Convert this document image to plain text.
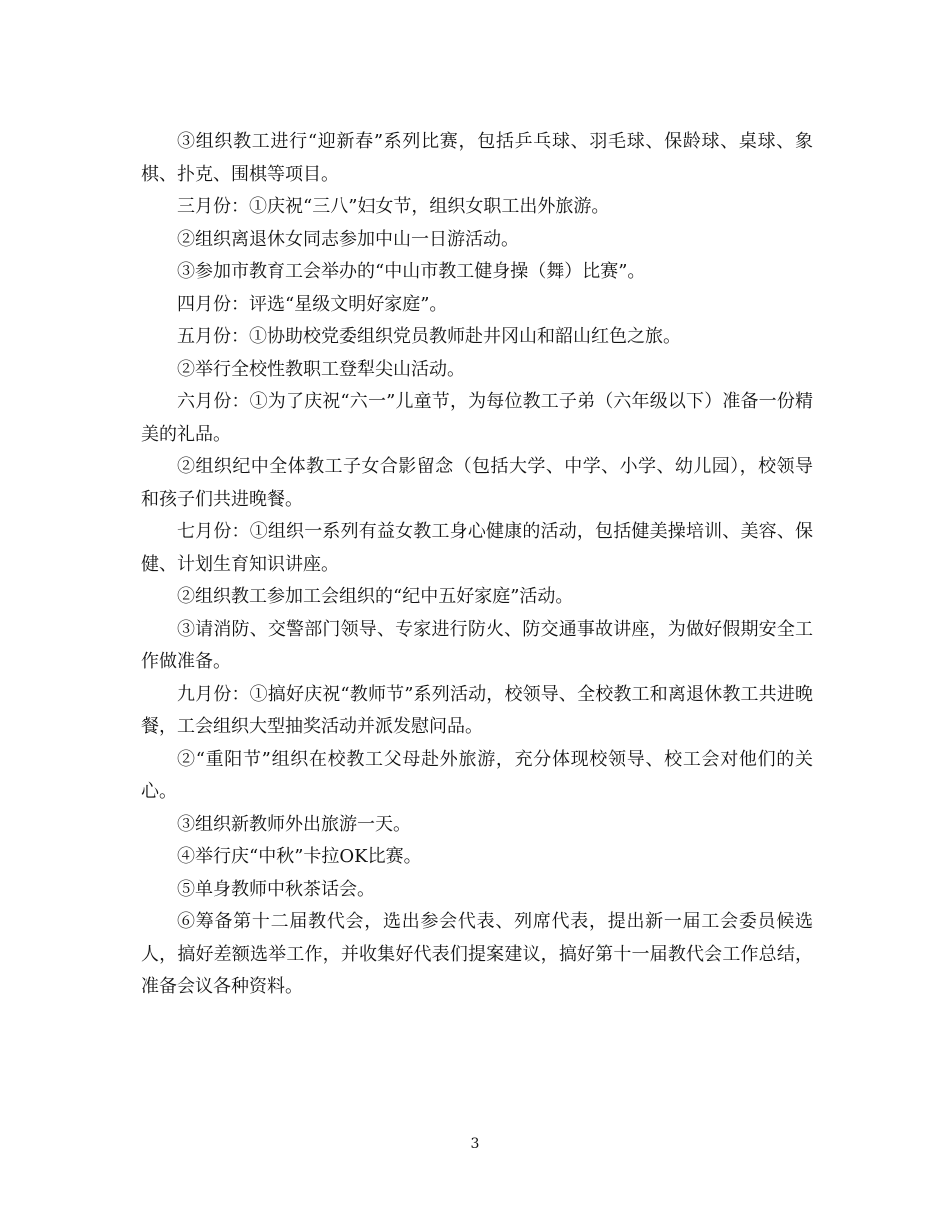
③组织教工进行“迎新春”系列比赛，包括乒乓球、羽毛球、保龄球、桌球、象棋、扑克、围棋等项目。

三月份：①庆祝“三八”妇女节，组织女职工出外旅游。

②组织离退休女同志参加中山一日游活动。

③参加市教育工会举办的“中山市教工健身操（舞）比赛”。

四月份：评选“星级文明好家庭”。

五月份：①协助校党委组织党员教师赴井冈山和韶山红色之旅。

②举行全校性教职工登犁尖山活动。

六月份：①为了庆祝“六一”儿童节，为每位教工子弟（六年级以下）准备一份精美的礼品。

②组织纪中全体教工子女合影留念（包括大学、中学、小学、幼儿园），校领导和孩子们共进晚餐。

七月份：①组织一系列有益女教工身心健康的活动，包括健美操培训、美容、保健、计划生育知识讲座。

②组织教工参加工会组织的“纪中五好家庭”活动。

③请消防、交警部门领导、专家进行防火、防交通事故讲座，为做好假期安全工作做准备。

九月份：①搞好庆祝“教师节”系列活动，校领导、全校教工和离退休教工共进晚餐，工会组织大型抽奖活动并派发慰问品。

②“重阳节”组织在校教工父母赴外旅游，充分体现校领导、校工会对他们的关心。

③组织新教师外出旅游一天。

④举行庆“中秋”卡拉OK比赛。

⑤单身教师中秋茶话会。

⑥筹备第十二届教代会，选出参会代表、列席代表，提出新一届工会委员候选人，搞好差额选举工作，并收集好代表们提案建议，搞好第十一届教代会工作总结，准备会议各种资料。

3
